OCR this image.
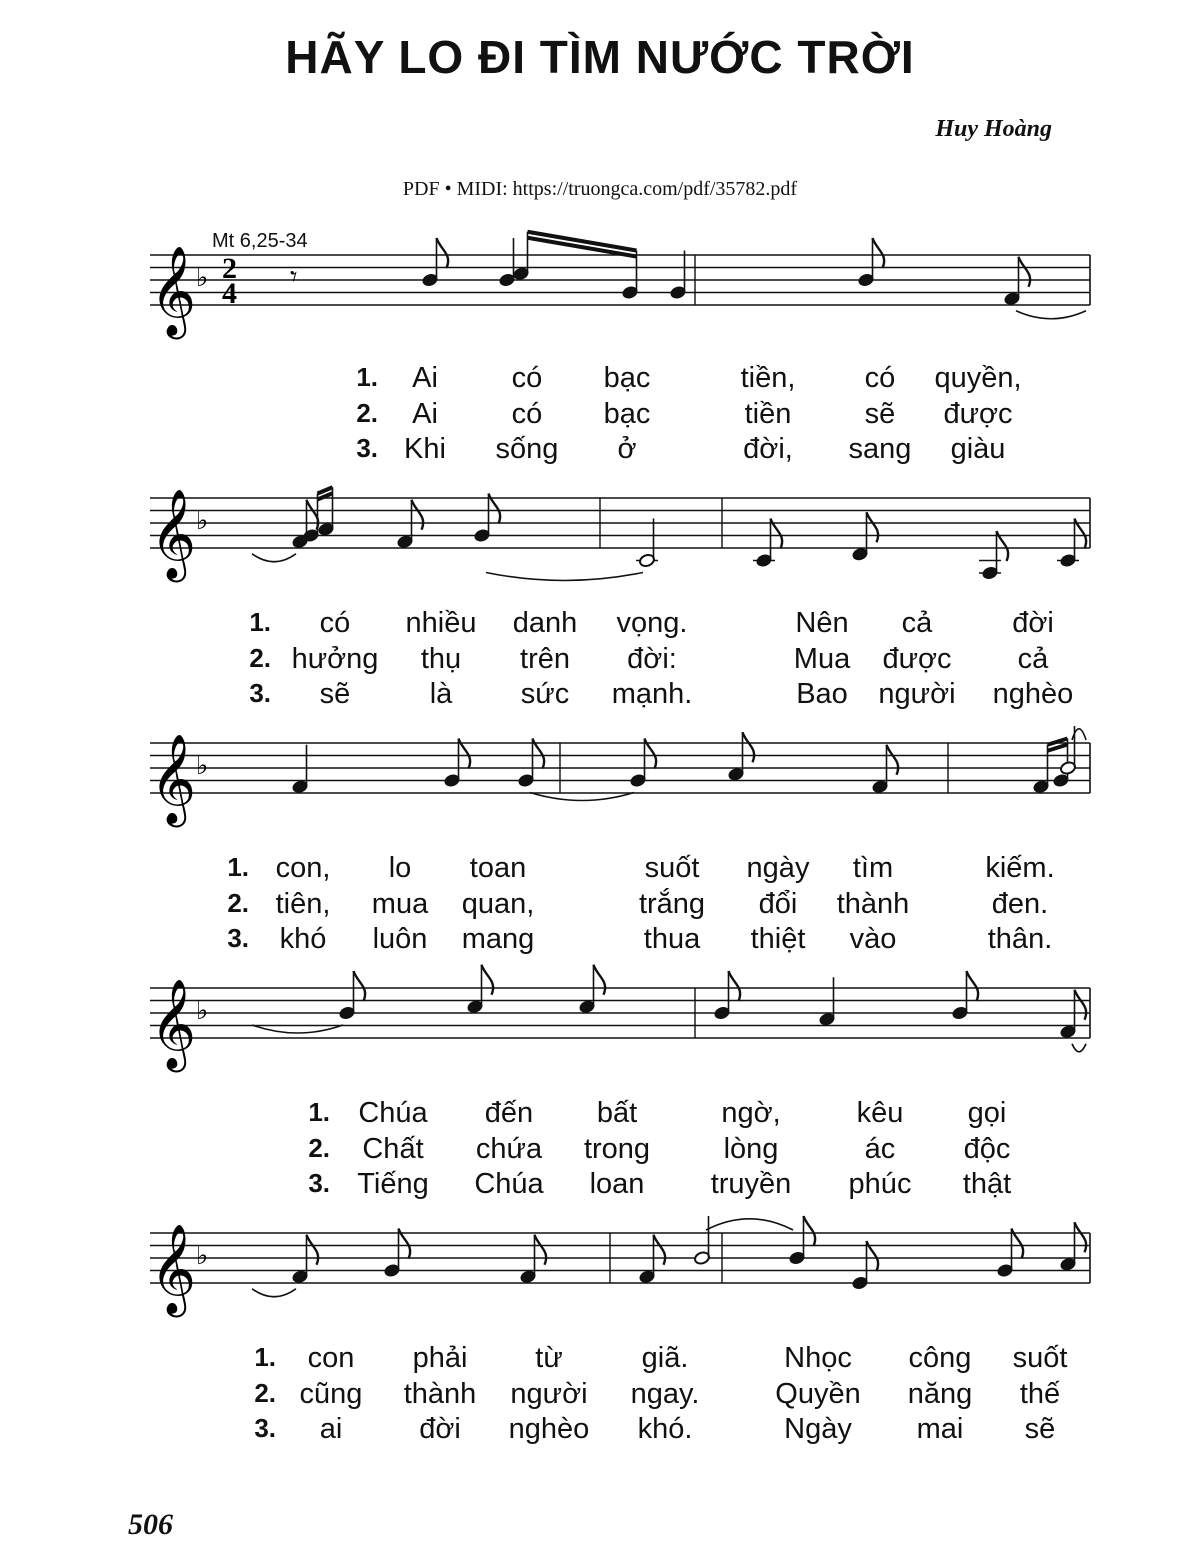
HÃY LO ĐI TÌM NƯỚC TRỜI
Huy Hoàng
PDF • MIDI: https://truongca.com/pdf/35782.pdf
Mt 6,25-34
506
𝄞 ♭ 2
4
𝄾
𝄞 ♭
𝄞 ♭
𝄞 ♭
𝄞 ♭
1. Ai	có bạc	tiền, có quyền,
2. Ai	có bạc	tiền	sẽ được
3. Khi sống ở	đời, sang giàu
1. có nhiều danh vọng.	Nên cả	đời
2. hưởng thụ trên đời:	Mua được cả
3. sẽ	là sức mạnh.	Bao người nghèo
1. con, lo toan	suốt ngày tìm	kiếm.
2. tiên, mua quan,	trắng đổi thành	đen.
3. khó luôn mang	thua thiệt vào	thân.
1. Chúa đến bất	ngờ,	kêu gọi
2. Chất chứa trong	lòng	ác độc
3. Tiếng Chúa loan truyền phúc thật
1. con phải từ	giã.	Nhọc công suốt
2. cũng thành người ngay.	Quyền năng thế
3. ai	đời nghèo khó.	Ngày mai sẽ
